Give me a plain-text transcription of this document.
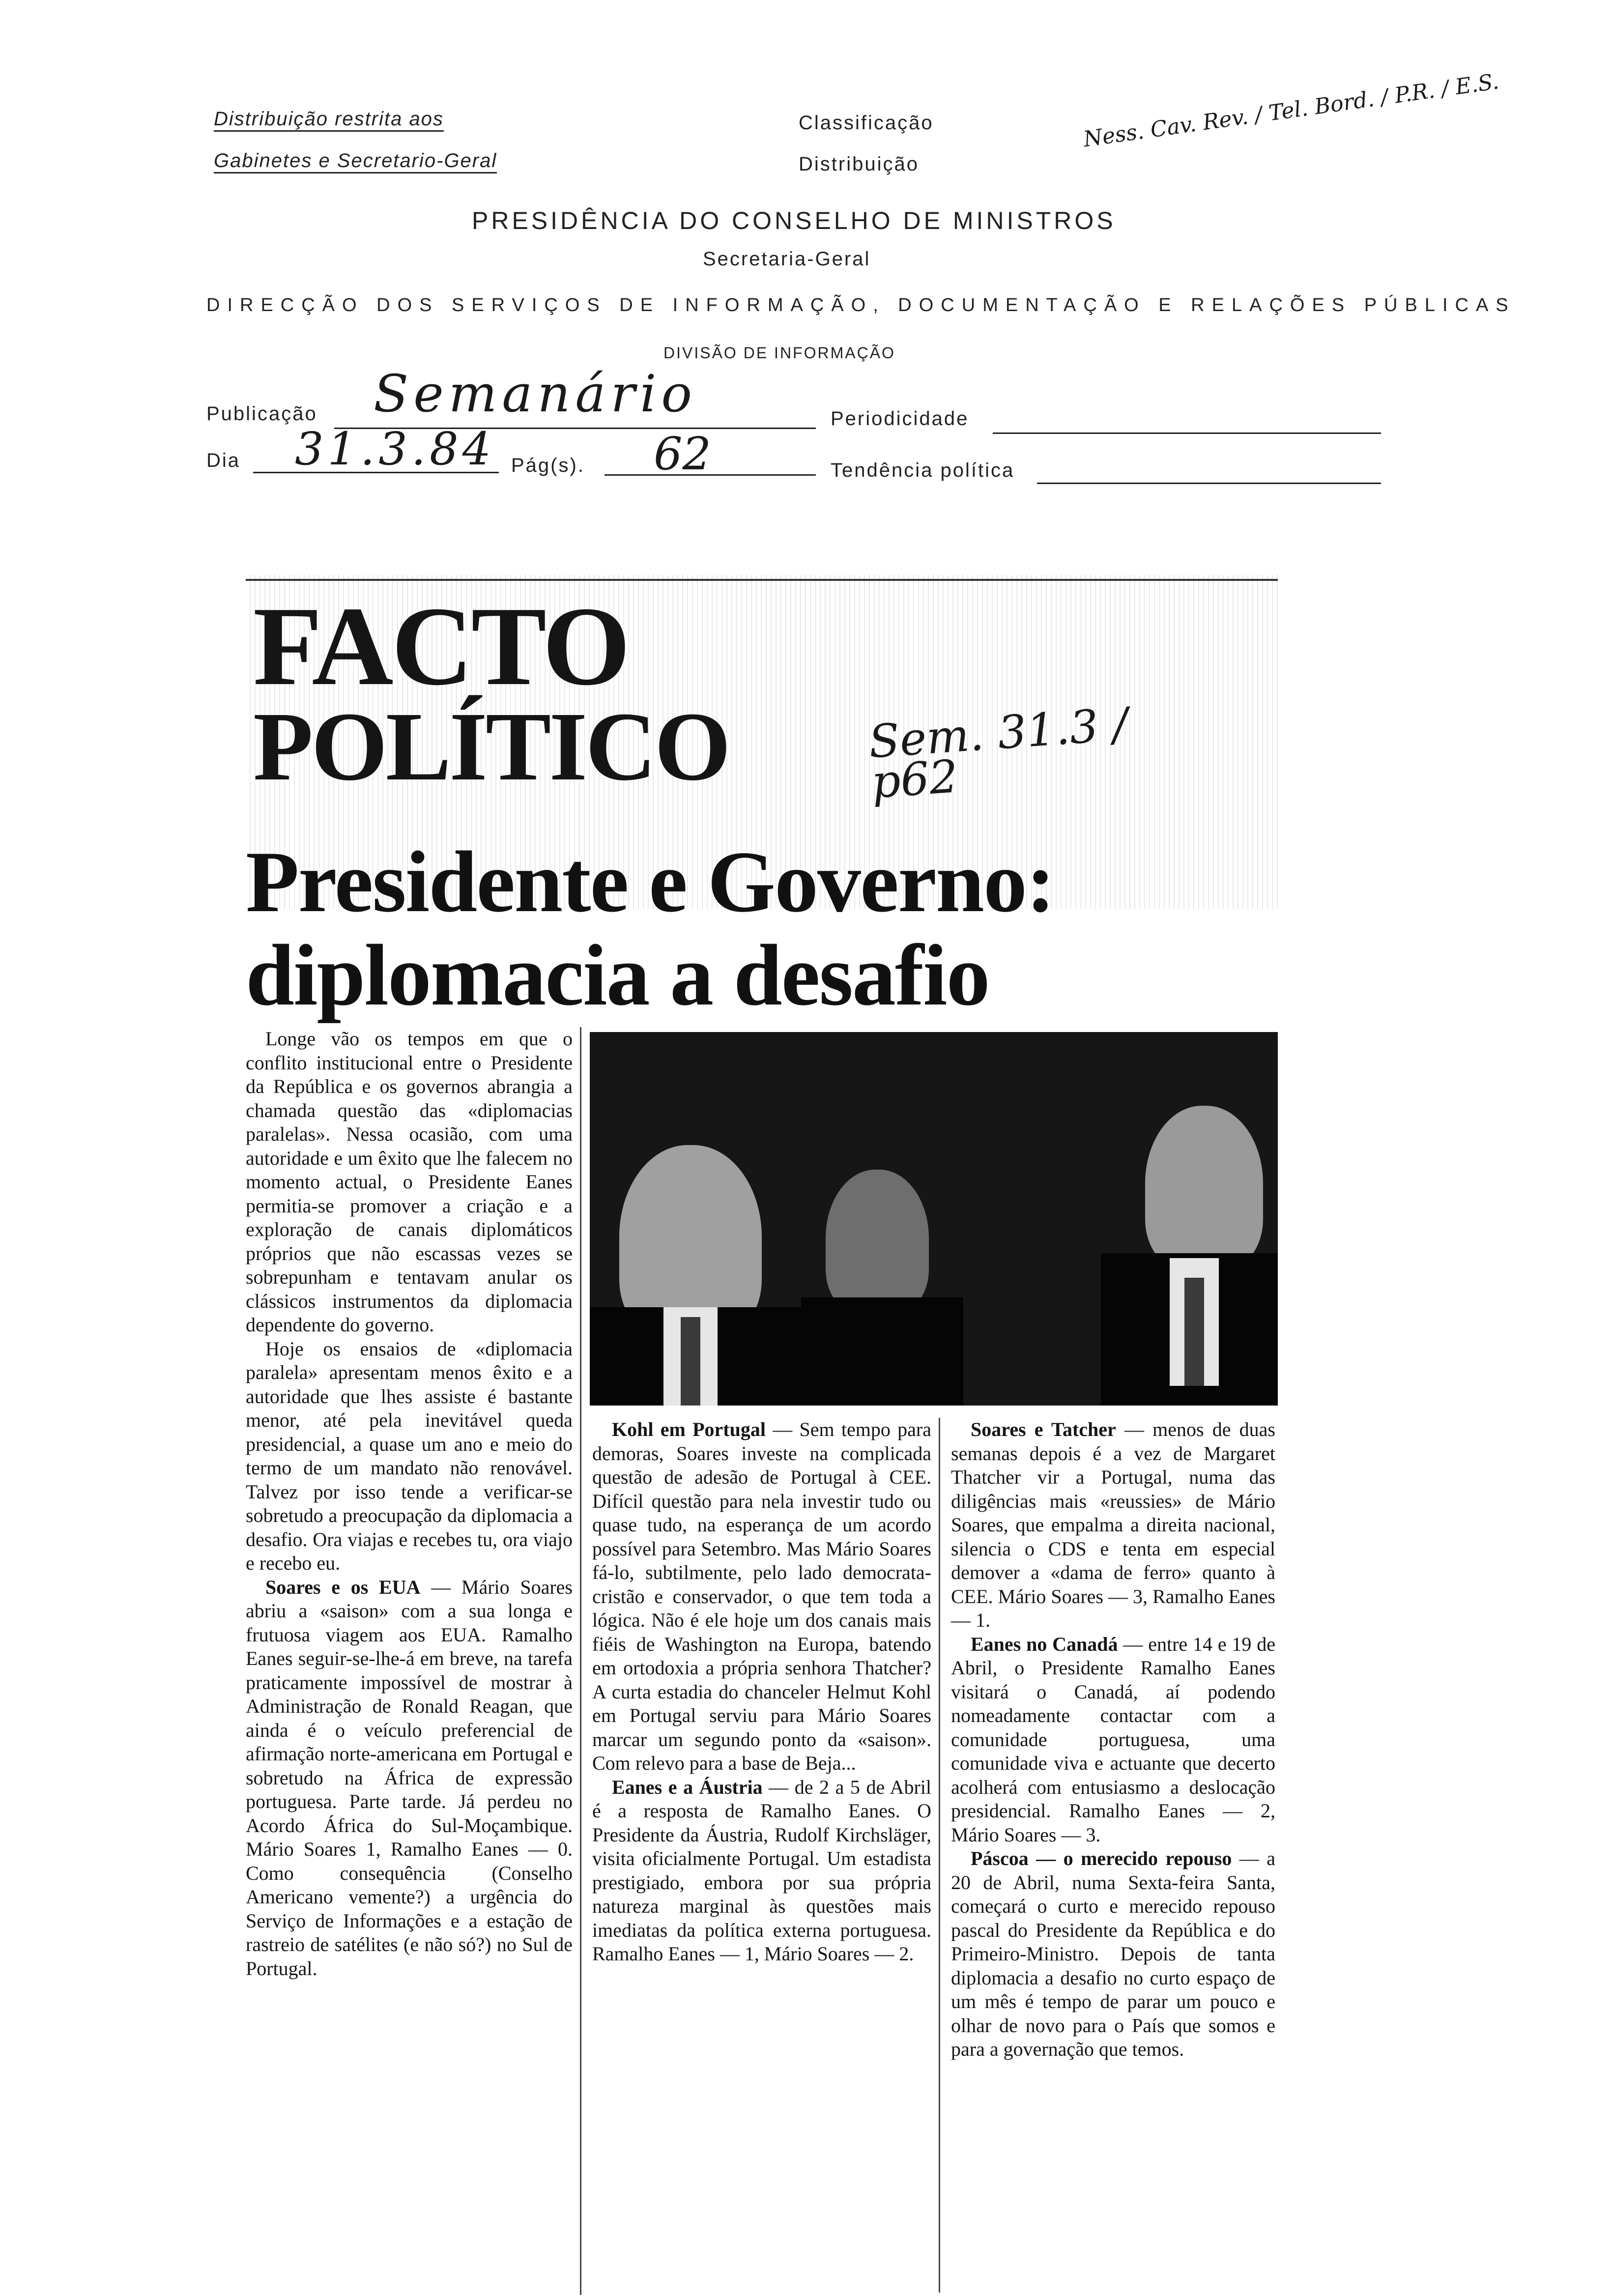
Distribuição restrita aos
Gabinetes e Secretario-Geral
Classificação
Distribuição
PRESIDÊNCIA DO CONSELHO DE MINISTROS
Secretaria-Geral
DIRECÇÃO DOS SERVIÇOS DE INFORMAÇÃO, DOCUMENTAÇÃO E RELAÇÕES PÚBLICAS
DIVISÃO DE INFORMAÇÃO
Publicação Semanário	Periodicidade
Dia 31.3.84 Pág(s). 62	Tendência política
Ness. Cav. Rev. / Tel. Bord. / P.R. / E.S.
FACTO
POLÍTICO	Sem. 31.3 / p62
Presidente e Governo:
diplomacia a desafio

Longe vão os tempos em que o conflito institucional entre o Presidente da República e os governos abrangia a chamada questão das «diplomacias paralelas». Nessa ocasião, com uma autoridade e um êxito que lhe falecem no momento actual, o Presidente Eanes permitia-se promover a criação e a exploração de canais diplomáticos próprios que não escassas vezes se sobrepunham e tentavam anular os clássicos instrumentos da diplomacia dependente do governo.

Hoje os ensaios de «diplomacia paralela» apresentam menos êxito e a autoridade que lhes assiste é bastante menor, até pela inevitável queda presidencial, a quase um ano e meio do termo de um mandato não renovável. Talvez por isso tende a verificar-se sobretudo a preocupação da diplomacia a desafio. Ora viajas e recebes tu, ora viajo e recebo eu.

Soares e os EUA — Mário Soares abriu a «saison» com a sua longa e frutuosa viagem aos EUA. Ramalho Eanes seguir-se-lhe-á em breve, na tarefa praticamente impossível de mostrar à Administração de Ronald Reagan, que ainda é o veículo preferencial de afirmação norte-americana em Portugal e sobretudo na África de expressão portuguesa. Parte tarde. Já perdeu no Acordo África do Sul-Moçambique. Mário Soares 1, Ramalho Eanes — 0. Como consequência (Conselho Americano vemente?) a urgência do Serviço de Informações e a estação de rastreio de satélites (e não só?) no Sul de Portugal.

Kohl em Portugal — Sem tempo para demoras, Soares investe na complicada questão de adesão de Portugal à CEE. Difícil questão para nela investir tudo ou quase tudo, na esperança de um acordo possível para Setembro. Mas Mário Soares fá-lo, subtilmente, pelo lado democrata-cristão e conservador, o que tem toda a lógica. Não é ele hoje um dos canais mais fiéis de Washington na Europa, batendo em ortodoxia a própria senhora Thatcher? A curta estadia do chanceler Helmut Kohl em Portugal serviu para Mário Soares marcar um segundo ponto da «saison». Com relevo para a base de Beja...

Eanes e a Áustria — de 2 a 5 de Abril é a resposta de Ramalho Eanes. O Presidente da Áustria, Rudolf Kirchsläger, visita oficialmente Portugal. Um estadista prestigiado, embora por sua própria natureza marginal às questões mais imediatas da política externa portuguesa. Ramalho Eanes — 1, Mário Soares — 2.

Soares e Tatcher — menos de duas semanas depois é a vez de Margaret Thatcher vir a Portugal, numa das diligências mais «reussies» de Mário Soares, que empalma a direita nacional, silencia o CDS e tenta em especial demover a «dama de ferro» quanto à CEE. Mário Soares — 3, Ramalho Eanes — 1.

Eanes no Canadá — entre 14 e 19 de Abril, o Presidente Ramalho Eanes visitará o Canadá, aí podendo nomeadamente contactar com a comunidade portuguesa, uma comunidade viva e actuante que decerto acolherá com entusiasmo a deslocação presidencial. Ramalho Eanes — 2, Mário Soares — 3.

Páscoa — o merecido repouso — a 20 de Abril, numa Sexta-feira Santa, começará o curto e merecido repouso pascal do Presidente da República e do Primeiro-Ministro. Depois de tanta diplomacia a desafio no curto espaço de um mês é tempo de parar um pouco e olhar de novo para o País que somos e para a governação que temos.
